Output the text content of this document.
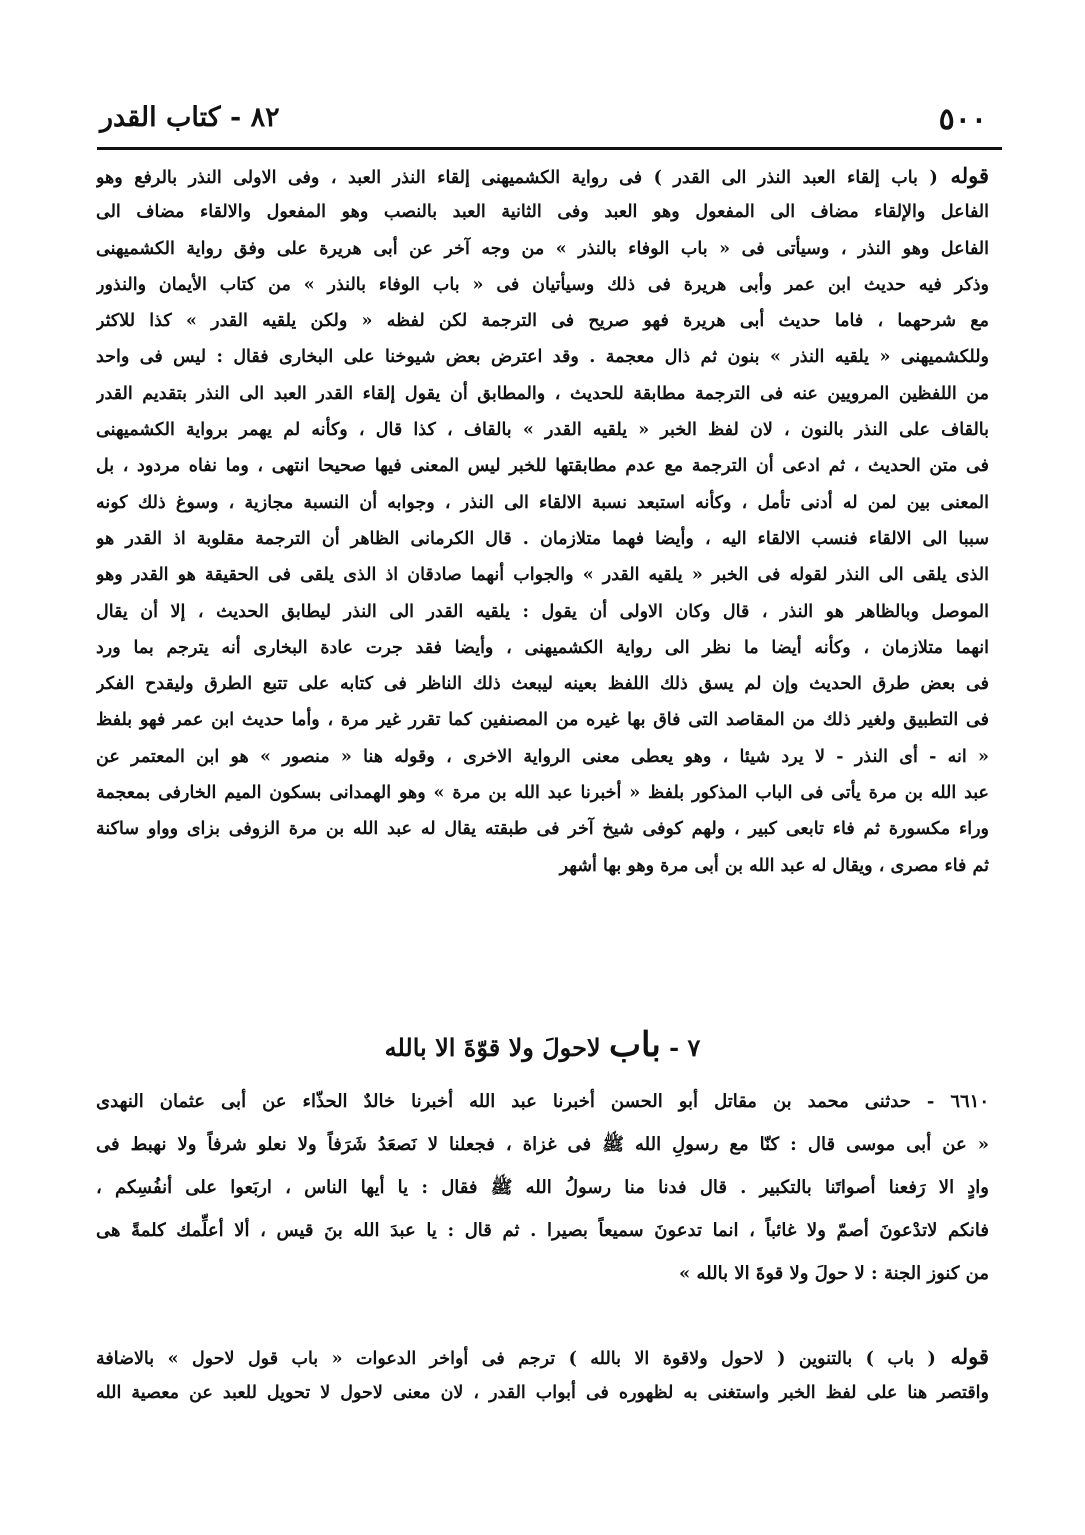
٥٠٠
٨٢ - كتاب القدر
قوله ( باب إلقاء العبد النذر الى القدر ) فى رواية الكشميهنى إلقاء النذر العبد ، وفى الاولى النذر بالرفع وهو
الفاعل والإلقاء مضاف الى المفعول وهو العبد وفى الثانية العبد بالنصب وهو المفعول والالقاء مضاف الى
الفاعل وهو النذر ، وسيأتى فى « باب الوفاء بالنذر » من وجه آخر عن أبى هريرة على وفق رواية الكشميهنى
وذكر فيه حديث ابن عمر وأبى هريرة فى ذلك وسيأتيان فى « باب الوفاء بالنذر » من كتاب الأيمان والنذور
مع شرحهما ، فاما حديث أبى هريرة فهو صريح فى الترجمة لكن لفظه « ولكن يلقيه القدر » كذا للاكثر
وللكشميهنى « يلقيه النذر » بنون ثم ذال معجمة . وقد اعترض بعض شيوخنا على البخارى فقال : ليس فى واحد
من اللفظين المرويين عنه فى الترجمة مطابقة للحديث ، والمطابق أن يقول إلقاء القدر العبد الى النذر بتقديم القدر
بالقاف على النذر بالنون ، لان لفظ الخبر « يلقيه القدر » بالقاف ، كذا قال ، وكأنه لم يهمر برواية الكشميهنى
فى متن الحديث ، ثم ادعى أن الترجمة مع عدم مطابقتها للخبر ليس المعنى فيها صحيحا انتهى ، وما نفاه مردود ، بل
المعنى بين لمن له أدنى تأمل ، وكأنه استبعد نسبة الالقاء الى النذر ، وجوابه أن النسبة مجازية ، وسوغ ذلك كونه
سببا الى الالقاء فنسب الالقاء اليه ، وأيضا فهما متلازمان . قال الكرمانى الظاهر أن الترجمة مقلوبة اذ القدر هو
الذى يلقى الى النذر لقوله فى الخبر « يلقيه القدر » والجواب أنهما صادقان اذ الذى يلقى فى الحقيقة هو القدر وهو
الموصل وبالظاهر هو النذر ، قال وكان الاولى أن يقول : يلقيه القدر الى النذر ليطابق الحديث ، إلا أن يقال
انهما متلازمان ، وكأنه أيضا ما نظر الى رواية الكشميهنى ، وأيضا فقد جرت عادة البخارى أنه يترجم بما ورد
فى بعض طرق الحديث وإن لم يسق ذلك اللفظ بعينه ليبعث ذلك الناظر فى كتابه على تتبع الطرق وليقدح الفكر
فى التطبيق ولغير ذلك من المقاصد التى فاق بها غيره من المصنفين كما تقرر غير مرة ، وأما حديث ابن عمر فهو بلفظ
« انه - أى النذر - لا يرد شيئا ، وهو يعطى معنى الرواية الاخرى ، وقوله هنا « منصور » هو ابن المعتمر عن
عبد الله بن مرة يأتى فى الباب المذكور بلفظ « أخبرنا عبد الله بن مرة » وهو الهمدانى بسكون الميم الخارفى بمعجمة
وراء مكسورة ثم فاء تابعى كبير ، ولهم كوفى شيخ آخر فى طبقته يقال له عبد الله بن مرة الزوفى بزاى وواو ساكنة
ثم فاء مصرى ، ويقال له عبد الله بن أبى مرة وهو بها أشهر
٧ - باب لاحولَ ولا قوّةَ الا بالله
٦٦١٠ - حدثنى محمد بن مقاتل أبو الحسن أخبرنا عبد الله أخبرنا خالدٌ الحذّاء عن أبى عثمان النهدى
« عن أبى موسى قال : كنّا مع رسولِ الله ﷺ فى غزاة ، فجعلنا لا نَصعَدُ شَرَفاً ولا نعلو شرفاً ولا نهبط فى
وادٍ الا رَفعنا أصواتَنا بالتكبير . قال فدنا منا رسولُ الله ﷺ فقال : يا أيها الناس ، اربَعوا على أنفُسِكم ،
فانكم لاتدْعونَ أصمّ ولا غائباً ، انما تدعونَ سميعاً بصيرا . ثم قال : يا عبدَ الله بنَ قيس ، ألا أعلِّمك كلمةً هى
من كنوز الجنة : لا حولَ ولا قوةَ الا بالله »
قوله ( باب ) بالتنوين ( لاحول ولاقوة الا بالله ) ترجم فى أواخر الدعوات « باب قول لاحول » بالاضافة
واقتصر هنا على لفظ الخبر واستغنى به لظهوره فى أبواب القدر ، لان معنى لاحول لا تحويل للعبد عن معصية الله
